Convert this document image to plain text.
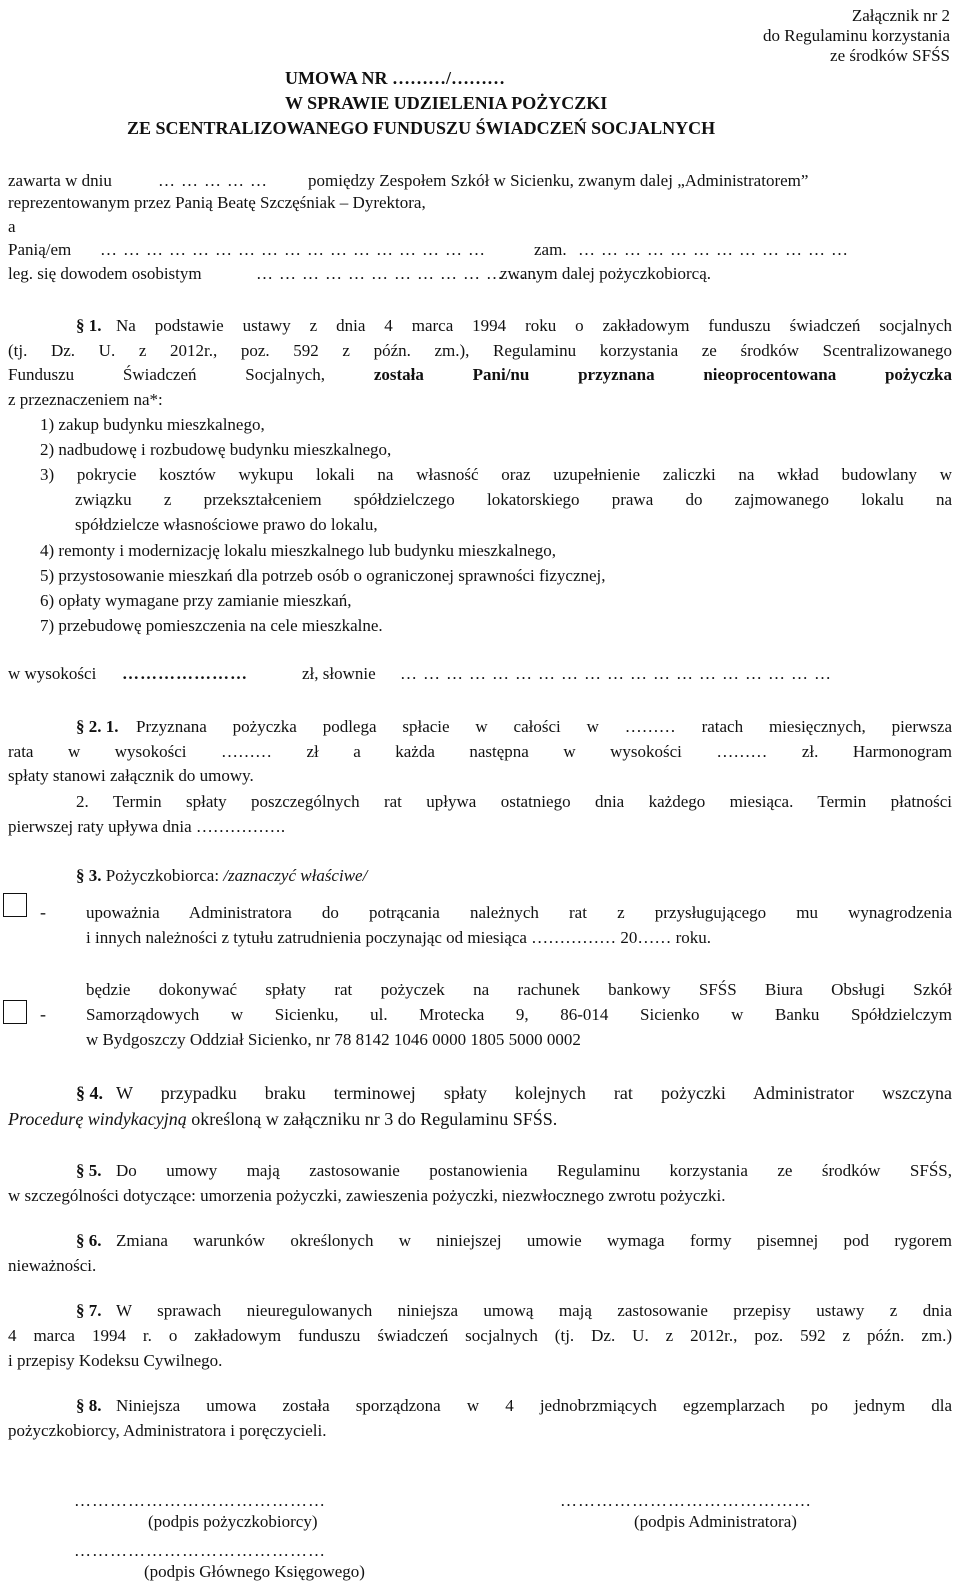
Załącznik nr 2
do Regulaminu korzystania
ze środków SFŚS
UMOWA NR ………/………
W SPRAWIE UDZIELENIA POŻYCZKI
ZE SCENTRALIZOWANEGO FUNDUSZU ŚWIADCZEŃ SOCJALNYCH
zawarta w dniu	…………… pomiędzy Zespołem Szkół w Sicienku, zwanym dalej „Administratorem”
reprezentowanym przez Panią Beatę Szczęśniak – Dyrektora,
a
Panią/em ……………………………………………	zam. ………………………………
leg. się dowodem osobistym	…………………………………
zwanym dalej pożyczkobiorcą.
§ 1. Na podstawie ustawy z dnia 4 marca 1994 roku o zakładowym funduszu świadczeń socjalnych
(tj. Dz. U. z 2012r., poz. 592 z późn. zm.), Regulaminu korzystania ze środków Scentralizowanego
Funduszu Świadczeń Socjalnych,	została Pani/nu przyznana nieoprocentowana pożyczka
z przeznaczeniem na*:
1) zakup budynku mieszkalnego,
2) nadbudowę i rozbudowę budynku mieszkalnego,
3) pokrycie kosztów wykupu lokali na własność oraz uzupełnienie zaliczki na wkład budowlany w
związku z przekształceniem spółdzielczego lokatorskiego prawa do zajmowanego lokalu na
spółdzielcze własnościowe prawo do lokalu,
4) remonty i modernizację lokalu mieszkalnego lub budynku mieszkalnego,
5) przystosowanie mieszkań dla potrzeb osób o ograniczonej sprawności fizycznej,
6) opłaty wymagane przy zamianie mieszkań,
7) przebudowę pomieszczenia na cele mieszkalne.
w wysokości …………………	zł, słownie …………………………………………………
§ 2. 1. Przyznana pożyczka podlega spłacie w całości w ……… ratach miesięcznych, pierwsza
rata w wysokości ……… zł a każda następna w wysokości ……… zł. Harmonogram
spłaty stanowi załącznik do umowy.
2. Termin spłaty poszczególnych rat upływa ostatniego dnia każdego miesiąca. Termin płatności
pierwszej raty upływa dnia …………….
§ 3. Pożyczkobiorca: /zaznaczyć właściwe/
- upoważnia Administratora do potrącania należnych rat z przysługującego mu wynagrodzenia
i innych należności z tytułu zatrudnienia poczynając od miesiąca …………… 20…… roku.
-
będzie dokonywać spłaty rat pożyczek na rachunek bankowy SFŚS Biura Obsługi Szkół
Samorządowych w Sicienku, ul. Mrotecka 9, 86-014 Sicienko w Banku Spółdzielczym
w Bydgoszczy Oddział Sicienko, nr 78 8142 1046 0000 1805 5000 0002
§ 4. W przypadku braku terminowej spłaty kolejnych rat pożyczki Administrator wszczyna
Procedurę windykacyjną określoną w załączniku nr 3 do Regulaminu SFŚS.
§ 5. Do umowy mają zastosowanie postanowienia Regulaminu korzystania ze środków SFŚS,
w szczególności dotyczące: umorzenia pożyczki, zawieszenia pożyczki, niezwłocznego zwrotu pożyczki.
§ 6. Zmiana warunków określonych w niniejszej umowie wymaga formy pisemnej pod rygorem
nieważności.
§ 7. W sprawach nieuregulowanych niniejsza umową mają zastosowanie przepisy ustawy z dnia
4 marca 1994 r. o zakładowym funduszu świadczeń socjalnych (tj. Dz. U. z 2012r., poz. 592 z późn. zm.)
i przepisy Kodeksu Cywilnego.
§ 8. Niniejsza umowa została sporządzona w 4 jednobrzmiących egzemplarzach po jednym dla
pożyczkobiorcy, Administratora i poręczycieli.
……………………………………
(podpis pożyczkobiorcy)
……………………………………
(podpis Administratora)
……………………………………
(podpis Głównego Księgowego)
